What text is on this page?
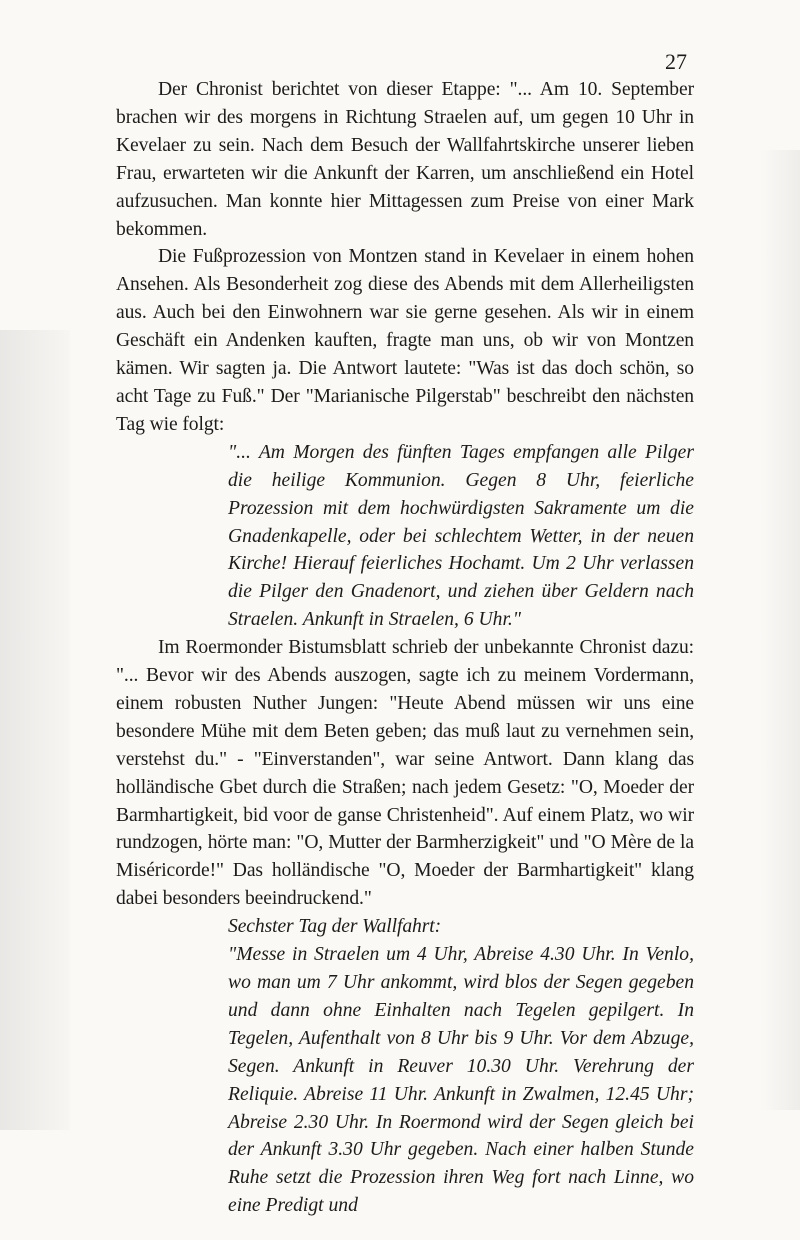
27

Der Chronist berichtet von dieser Etappe: "... Am 10. September brachen wir des morgens in Richtung Straelen auf, um gegen 10 Uhr in Kevelaer zu sein. Nach dem Besuch der Wallfahrtskirche unserer lieben Frau, erwarteten wir die Ankunft der Karren, um anschließend ein Hotel aufzusuchen. Man konnte hier Mittagessen zum Preise von einer Mark bekommen.

Die Fußprozession von Montzen stand in Kevelaer in einem hohen Ansehen. Als Besonderheit zog diese des Abends mit dem Allerheiligsten aus. Auch bei den Einwohnern war sie gerne gesehen. Als wir in einem Geschäft ein Andenken kauften, fragte man uns, ob wir von Montzen kämen. Wir sagten ja. Die Antwort lautete: "Was ist das doch schön, so acht Tage zu Fuß." Der "Marianische Pilgerstab" beschreibt den nächsten Tag wie folgt:

"... Am Morgen des fünften Tages empfangen alle Pilger die heilige Kommunion. Gegen 8 Uhr, feierliche Prozession mit dem hochwürdigsten Sakramente um die Gnadenkapelle, oder bei schlechtem Wetter, in der neuen Kirche! Hierauf feierliches Hochamt. Um 2 Uhr verlassen die Pilger den Gnadenort, und ziehen über Geldern nach Straelen. Ankunft in Straelen, 6 Uhr."

Im Roermonder Bistumsblatt schrieb der unbekannte Chronist dazu: "... Bevor wir des Abends auszogen, sagte ich zu meinem Vordermann, einem robusten Nuther Jungen: "Heute Abend müssen wir uns eine besondere Mühe mit dem Beten geben; das muß laut zu vernehmen sein, verstehst du." - "Einverstanden", war seine Antwort. Dann klang das holländische Gbet durch die Straßen; nach jedem Gesetz: "O, Moeder der Barmhartigkeit, bid voor de ganse Christenheid". Auf einem Platz, wo wir rundzogen, hörte man: "O, Mutter der Barmherzigkeit" und "O Mère de la Miséricorde!" Das holländische "O, Moeder der Barmhartigkeit" klang dabei besonders beeindruckend."

Sechster Tag der Wallfahrt:

"Messe in Straelen um 4 Uhr, Abreise 4.30 Uhr. In Venlo, wo man um 7 Uhr ankommt, wird blos der Segen gegeben und dann ohne Einhalten nach Tegelen gepilgert. In Tegelen, Aufenthalt von 8 Uhr bis 9 Uhr. Vor dem Abzuge, Segen. Ankunft in Reuver 10.30 Uhr. Verehrung der Reliquie. Abreise 11 Uhr. Ankunft in Zwalmen, 12.45 Uhr; Abreise 2.30 Uhr. In Roermond wird der Segen gleich bei der Ankunft 3.30 Uhr gegeben. Nach einer halben Stunde Ruhe setzt die Prozession ihren Weg fort nach Linne, wo eine Predigt und
